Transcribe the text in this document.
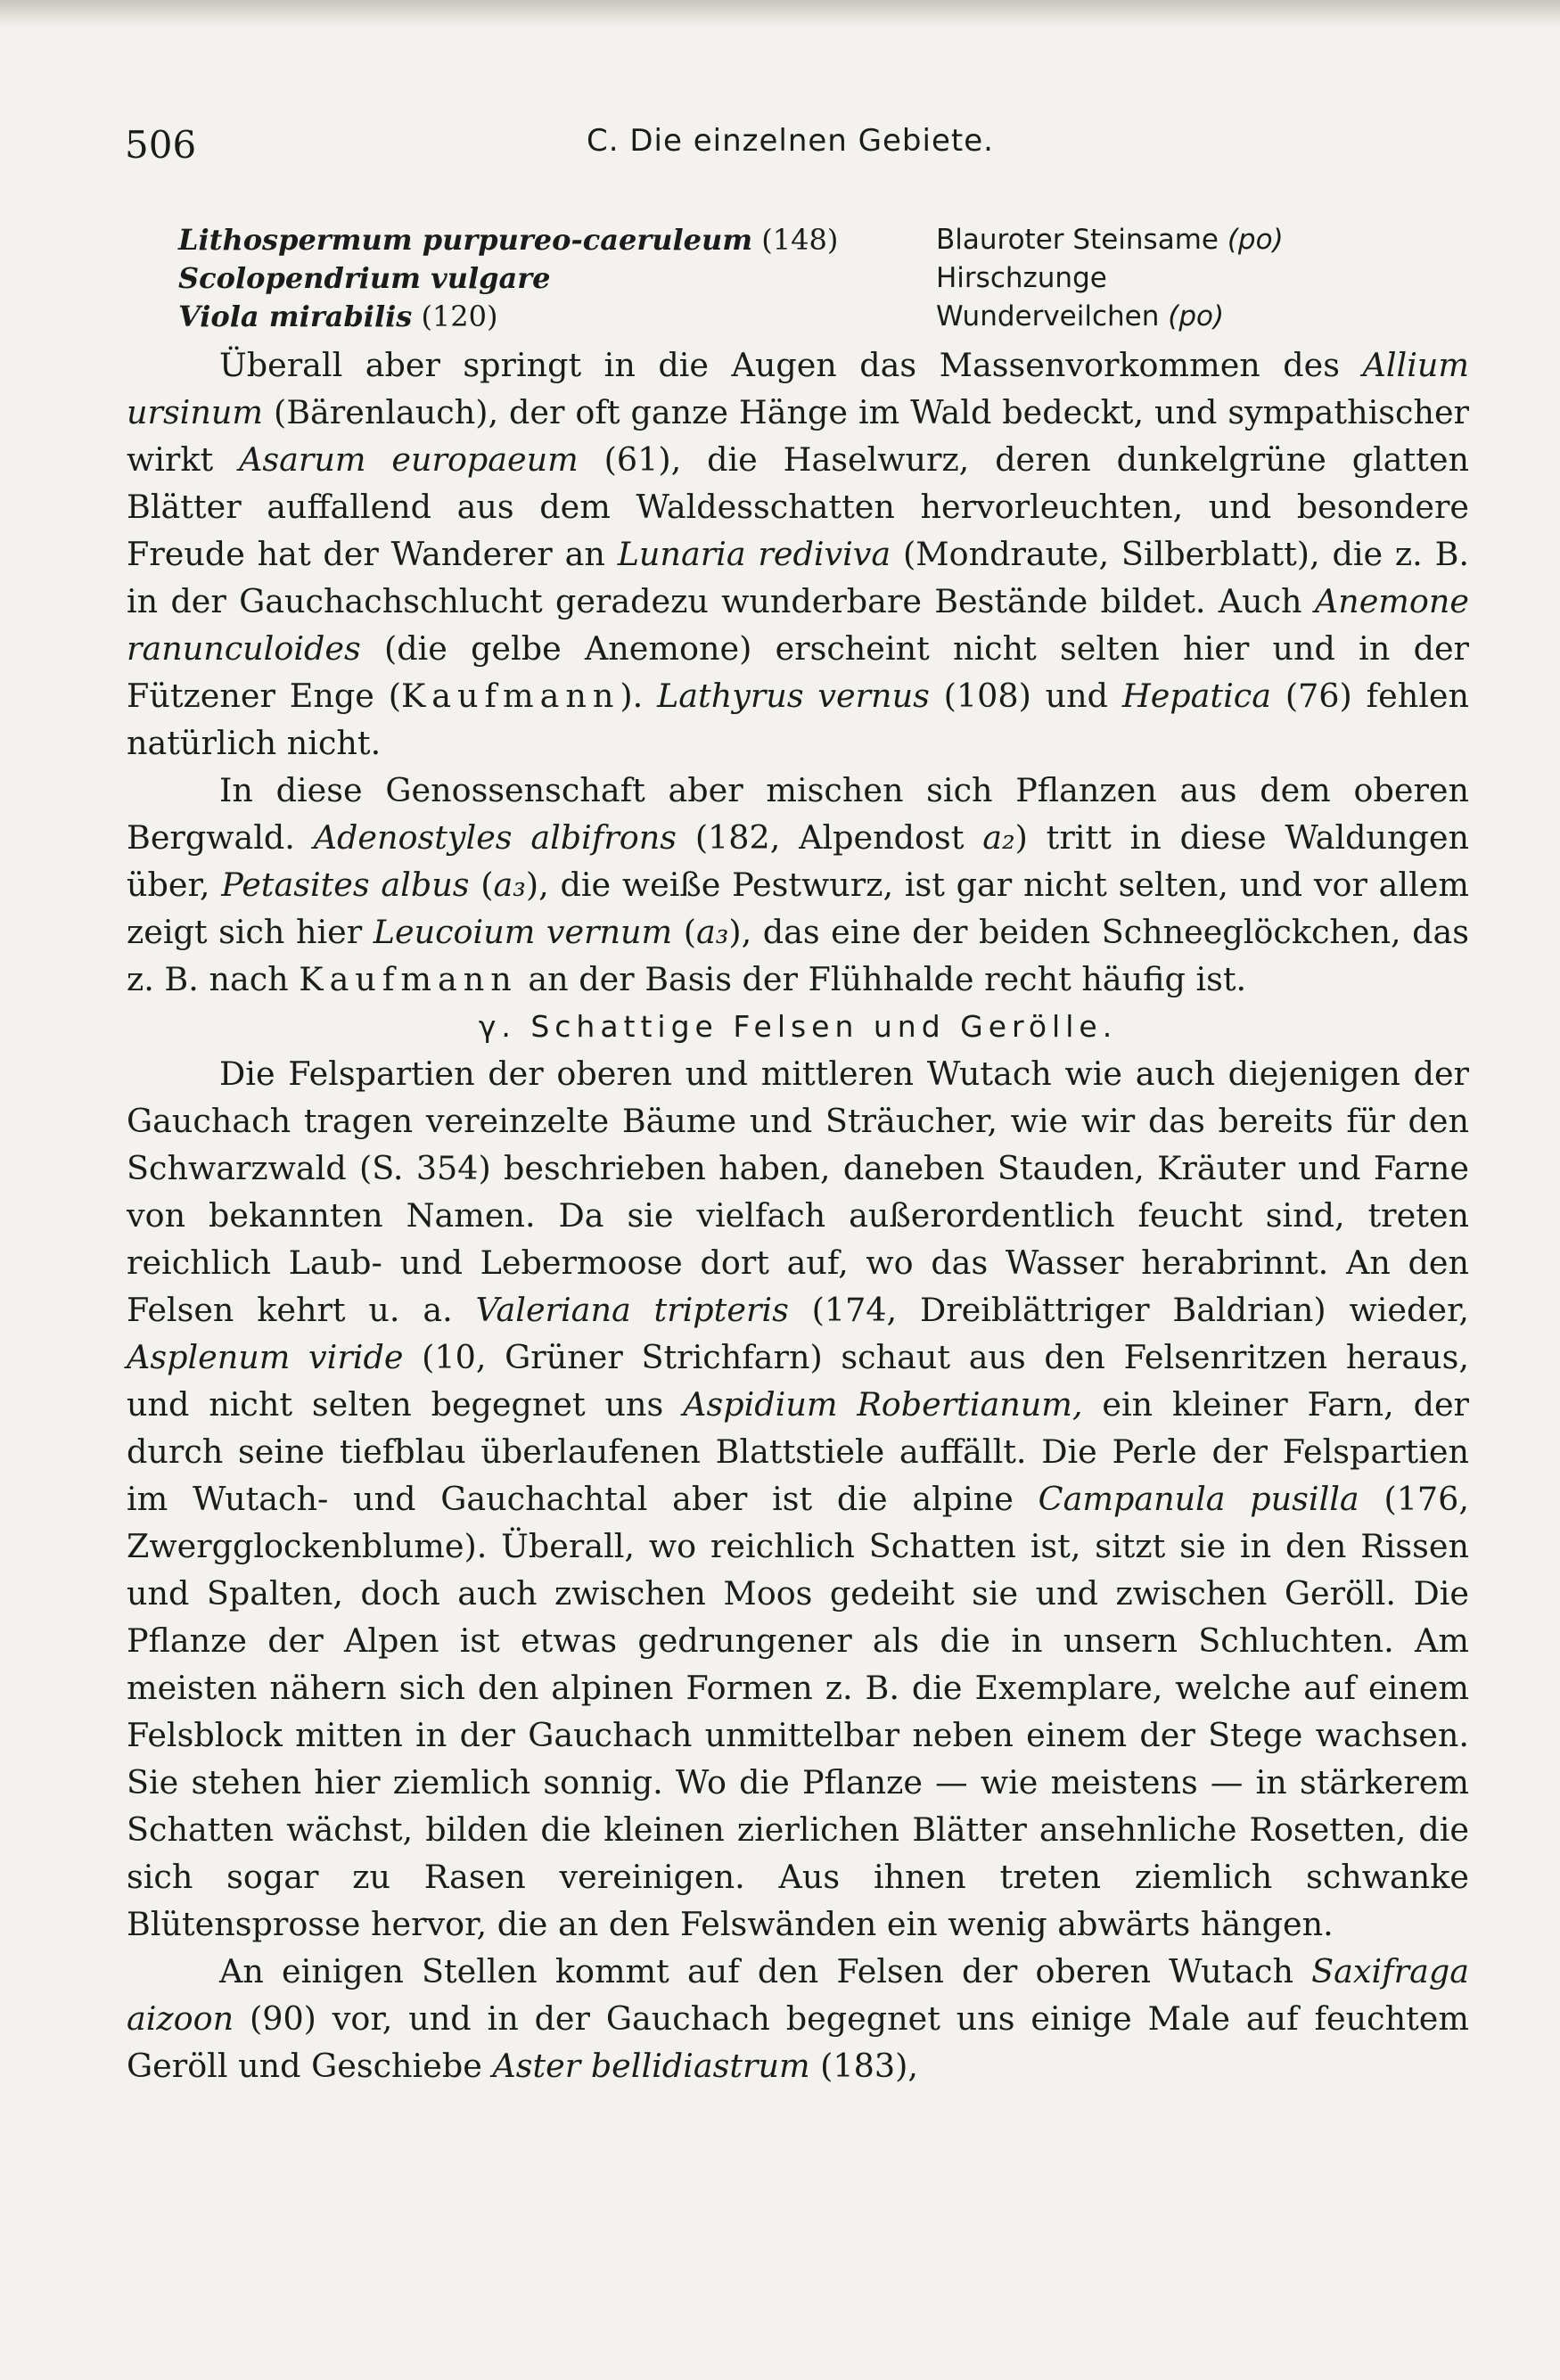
506	C. Die einzelnen Gebiete.
Lithospermum purpureo-caeruleum (148)	Blauroter Steinsame (po)
Scolopendrium vulgare	Hirschzunge
Viola mirabilis (120)	Wunderveilchen (po)

Überall aber springt in die Augen das Massenvorkommen des Allium ursinum (Bärenlauch), der oft ganze Hänge im Wald bedeckt, und sympathischer wirkt Asarum europaeum (61), die Haselwurz, deren dunkelgrüne glatten Blätter auffallend aus dem Waldesschatten hervorleuchten, und besondere Freude hat der Wanderer an Lunaria rediviva (Mondraute, Silberblatt), die z. B. in der Gauchachschlucht geradezu wunderbare Bestände bildet. Auch Anemone ranunculoides (die gelbe Anemone) erscheint nicht selten hier und in der Fützener Enge (Kaufmann). Lathyrus vernus (108) und Hepatica (76) fehlen natürlich nicht.

In diese Genossenschaft aber mischen sich Pflanzen aus dem oberen Bergwald. Adenostyles albifrons (182, Alpendost a₂) tritt in diese Waldungen über, Petasites albus (a₃), die weiße Pestwurz, ist gar nicht selten, und vor allem zeigt sich hier Leucoium vernum (a₃), das eine der beiden Schneeglöckchen, das z. B. nach Kaufmann an der Basis der Flühhalde recht häufig ist.

γ. Schattige Felsen und Gerölle.

Die Felspartien der oberen und mittleren Wutach wie auch diejenigen der Gauchach tragen vereinzelte Bäume und Sträucher, wie wir das bereits für den Schwarzwald (S. 354) beschrieben haben, daneben Stauden, Kräuter und Farne von bekannten Namen. Da sie vielfach außerordentlich feucht sind, treten reichlich Laub- und Lebermoose dort auf, wo das Wasser herabrinnt. An den Felsen kehrt u. a. Valeriana tripteris (174, Dreiblättriger Baldrian) wieder, Asplenum viride (10, Grüner Strichfarn) schaut aus den Felsenritzen heraus, und nicht selten begegnet uns Aspidium Robertianum, ein kleiner Farn, der durch seine tiefblau überlaufenen Blattstiele auffällt. Die Perle der Felspartien im Wutach- und Gauchachtal aber ist die alpine Campanula pusilla (176, Zwergglockenblume). Überall, wo reichlich Schatten ist, sitzt sie in den Rissen und Spalten, doch auch zwischen Moos gedeiht sie und zwischen Geröll. Die Pflanze der Alpen ist etwas gedrungener als die in unsern Schluchten. Am meisten nähern sich den alpinen Formen z. B. die Exemplare, welche auf einem Felsblock mitten in der Gauchach unmittelbar neben einem der Stege wachsen. Sie stehen hier ziemlich sonnig. Wo die Pflanze — wie meistens — in stärkerem Schatten wächst, bilden die kleinen zierlichen Blätter ansehnliche Rosetten, die sich sogar zu Rasen vereinigen. Aus ihnen treten ziemlich schwanke Blütensprosse hervor, die an den Felswänden ein wenig abwärts hängen.

An einigen Stellen kommt auf den Felsen der oberen Wutach Saxifraga aizoon (90) vor, und in der Gauchach begegnet uns einige Male auf feuchtem Geröll und Geschiebe Aster bellidiastrum (183),
